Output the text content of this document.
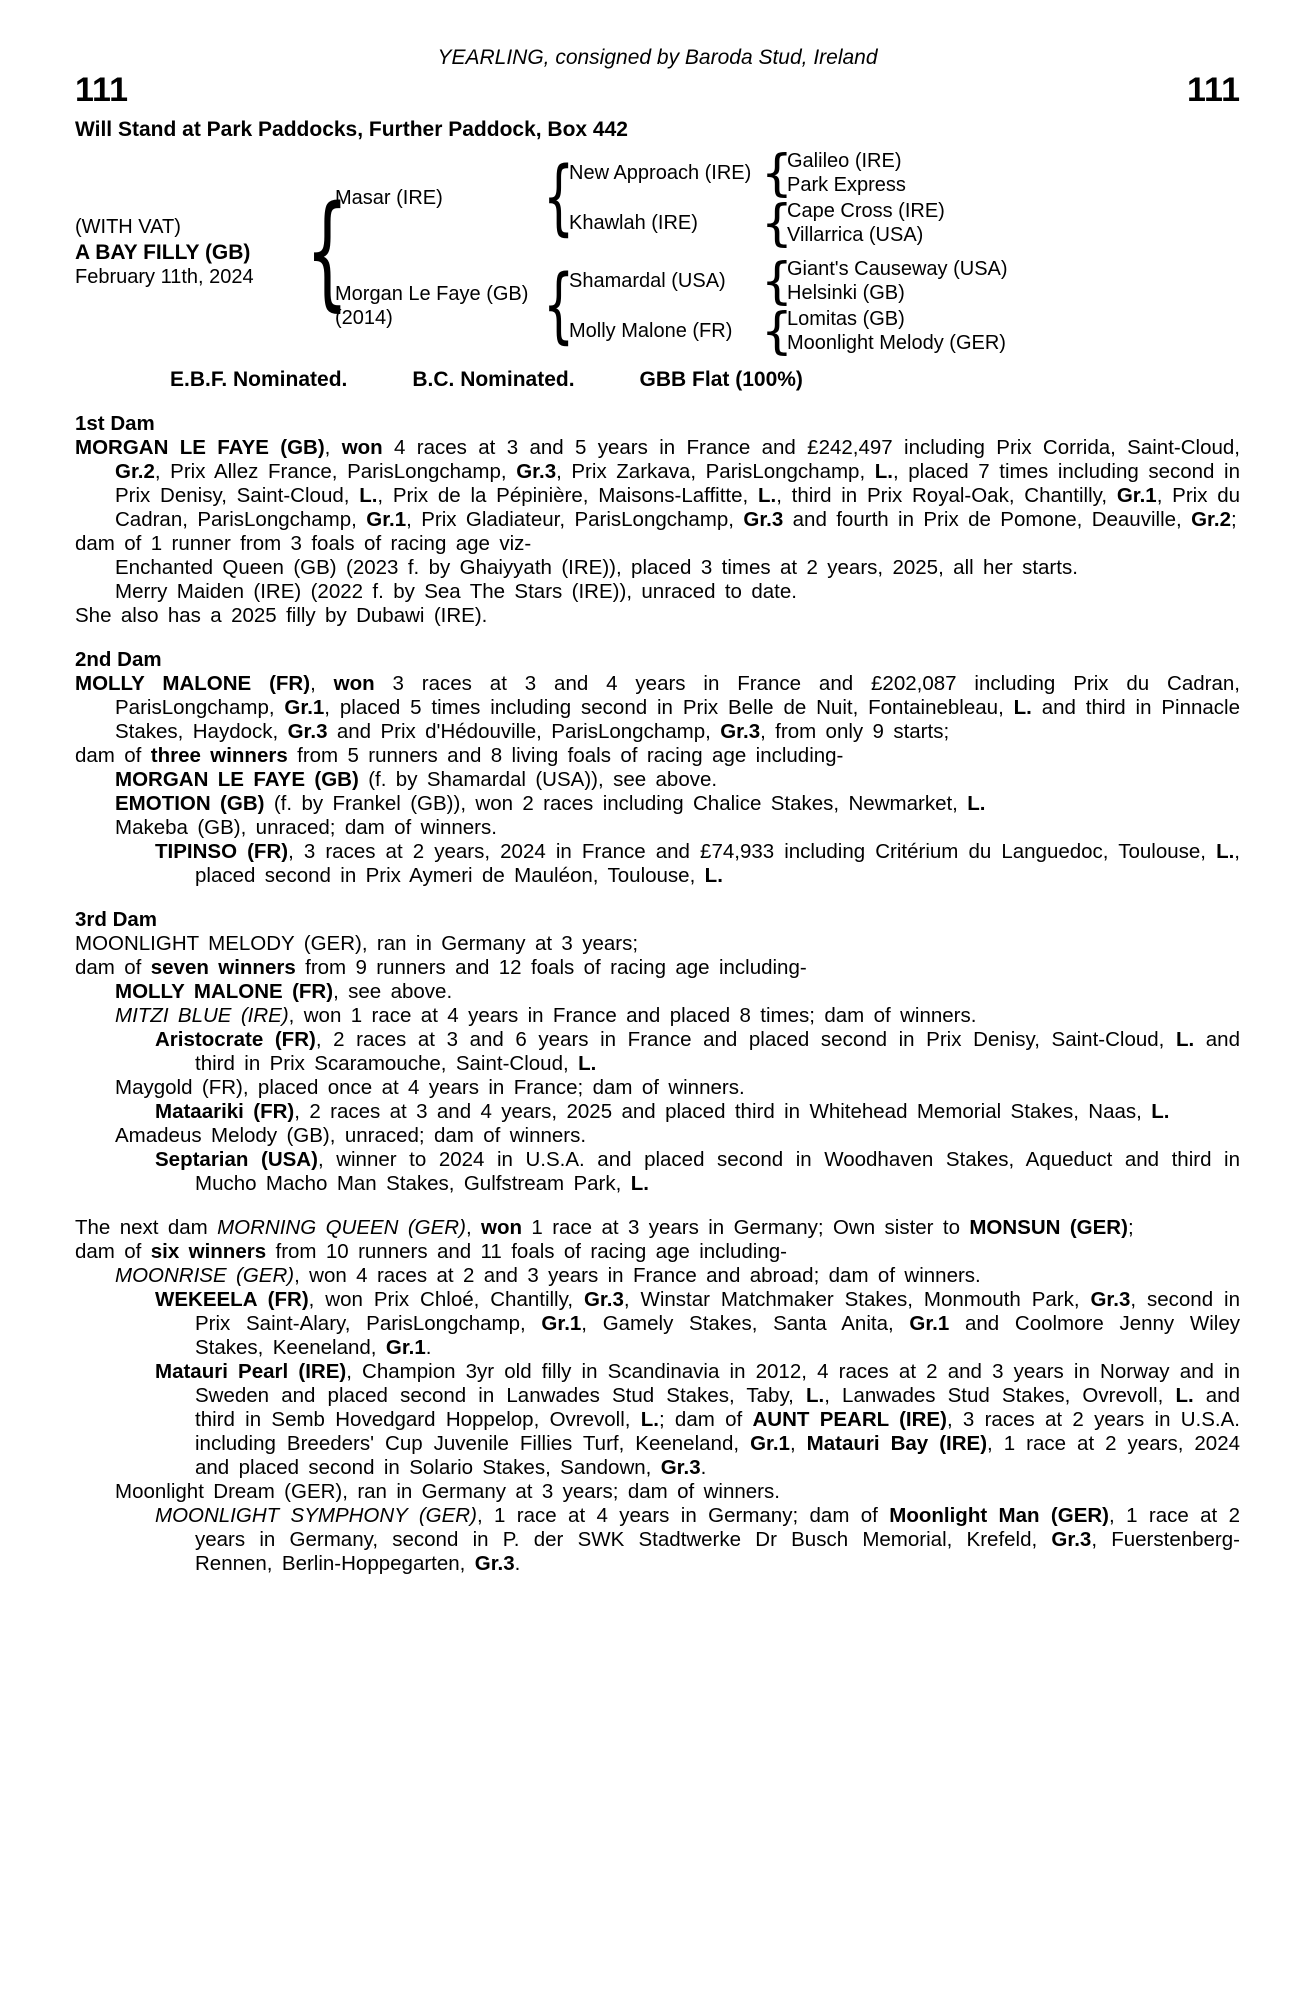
YEARLING, consigned by Baroda Stud, Ireland
111	111
Will Stand at Park Paddocks, Further Paddock, Box 442
(WITH VAT)
A BAY FILLY (GB)
February 11th, 2024 {
Masar (IRE)	{
New Approach (IRE) {
Galileo (IRE)
Park Express
Khawlah (IRE)	{
Cape Cross (IRE)
Villarrica (USA)
Morgan Le Faye (GB)
(2014)	{
Shamardal (USA) {
Giant's Causeway (USA)
Helsinki (GB)
Molly Malone (FR) {
Lomitas (GB)
Moonlight Melody (GER)
E.B.F. Nominated.	B.C. Nominated.	GBB Flat (100%)
1st Dam

MORGAN LE FAYE (GB), won 4 races at 3 and 5 years in France and £242,497 including Prix Corrida, Saint-Cloud, Gr.2, Prix Allez France, ParisLongchamp, Gr.3, Prix Zarkava, ParisLongchamp, L., placed 7 times including second in Prix Denisy, Saint-Cloud, L., Prix de la Pépinière, Maisons-Laffitte, L., third in Prix Royal-Oak, Chantilly, Gr.1, Prix du Cadran, ParisLongchamp, Gr.1, Prix Gladiateur, ParisLongchamp, Gr.3 and fourth in Prix de Pomone, Deauville, Gr.2;

dam of 1 runner from 3 foals of racing age viz-

Enchanted Queen (GB) (2023 f. by Ghaiyyath (IRE)), placed 3 times at 2 years, 2025, all her starts.

Merry Maiden (IRE) (2022 f. by Sea The Stars (IRE)), unraced to date.

She also has a 2025 filly by Dubawi (IRE).

2nd Dam

MOLLY MALONE (FR), won 3 races at 3 and 4 years in France and £202,087 including Prix du Cadran, ParisLongchamp, Gr.1, placed 5 times including second in Prix Belle de Nuit, Fontainebleau, L. and third in Pinnacle Stakes, Haydock, Gr.3 and Prix d'Hédouville, ParisLongchamp, Gr.3, from only 9 starts;

dam of three winners from 5 runners and 8 living foals of racing age including-

MORGAN LE FAYE (GB) (f. by Shamardal (USA)), see above.

EMOTION (GB) (f. by Frankel (GB)), won 2 races including Chalice Stakes, Newmarket, L.

Makeba (GB), unraced; dam of winners.

TIPINSO (FR), 3 races at 2 years, 2024 in France and £74,933 including Critérium du Languedoc, Toulouse, L., placed second in Prix Aymeri de Mauléon, Toulouse, L.

3rd Dam

MOONLIGHT MELODY (GER), ran in Germany at 3 years;

dam of seven winners from 9 runners and 12 foals of racing age including-

MOLLY MALONE (FR), see above.

MITZI BLUE (IRE), won 1 race at 4 years in France and placed 8 times; dam of winners.

Aristocrate (FR), 2 races at 3 and 6 years in France and placed second in Prix Denisy, Saint-Cloud, L. and third in Prix Scaramouche, Saint-Cloud, L.

Maygold (FR), placed once at 4 years in France; dam of winners.

Mataariki (FR), 2 races at 3 and 4 years, 2025 and placed third in Whitehead Memorial Stakes, Naas, L.

Amadeus Melody (GB), unraced; dam of winners.

Septarian (USA), winner to 2024 in U.S.A. and placed second in Woodhaven Stakes, Aqueduct and third in Mucho Macho Man Stakes, Gulfstream Park, L.

The next dam MORNING QUEEN (GER), won 1 race at 3 years in Germany; Own sister to MONSUN (GER);

dam of six winners from 10 runners and 11 foals of racing age including-

MOONRISE (GER), won 4 races at 2 and 3 years in France and abroad; dam of winners.

WEKEELA (FR), won Prix Chloé, Chantilly, Gr.3, Winstar Matchmaker Stakes, Monmouth Park, Gr.3, second in Prix Saint-Alary, ParisLongchamp, Gr.1, Gamely Stakes, Santa Anita, Gr.1 and Coolmore Jenny Wiley Stakes, Keeneland, Gr.1.

Matauri Pearl (IRE), Champion 3yr old filly in Scandinavia in 2012, 4 races at 2 and 3 years in Norway and in Sweden and placed second in Lanwades Stud Stakes, Taby, L., Lanwades Stud Stakes, Ovrevoll, L. and third in Semb Hovedgard Hoppelop, Ovrevoll, L.; dam of AUNT PEARL (IRE), 3 races at 2 years in U.S.A. including Breeders' Cup Juvenile Fillies Turf, Keeneland, Gr.1, Matauri Bay (IRE), 1 race at 2 years, 2024 and placed second in Solario Stakes, Sandown, Gr.3.

Moonlight Dream (GER), ran in Germany at 3 years; dam of winners.

MOONLIGHT SYMPHONY (GER), 1 race at 4 years in Germany; dam of Moonlight Man (GER), 1 race at 2 years in Germany, second in P. der SWK Stadtwerke Dr Busch Memorial, Krefeld, Gr.3, Fuerstenberg-Rennen, Berlin-Hoppegarten, Gr.3.
